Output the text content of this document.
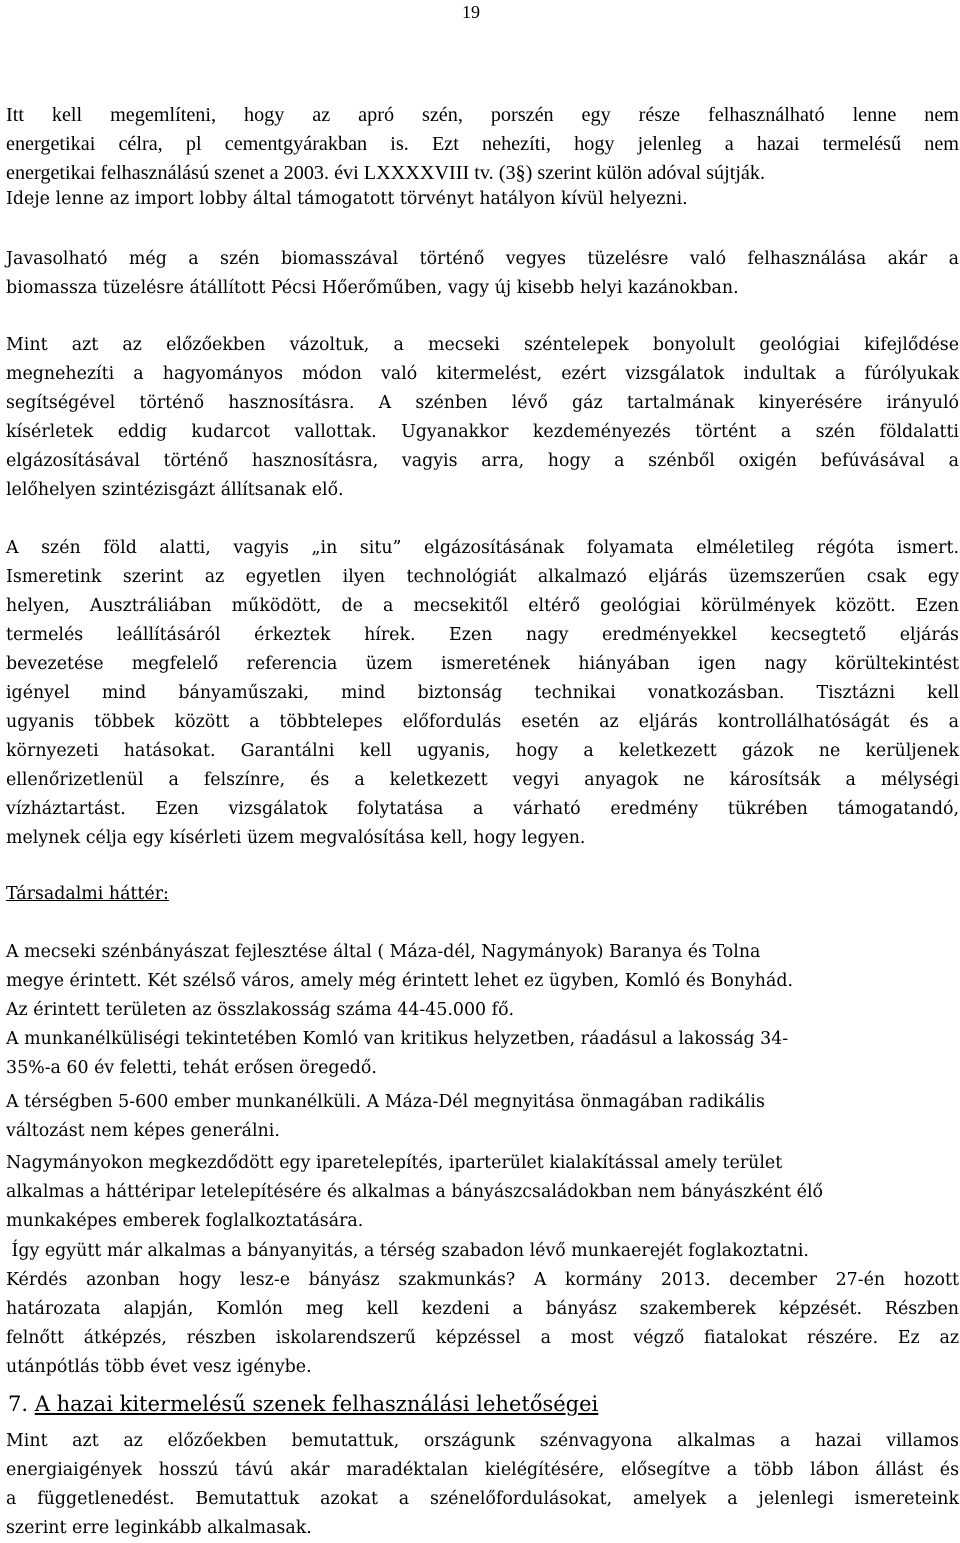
19
Itt kell megemlíteni, hogy az apró szén, porszén egy része felhasználható lenne nem
energetikai célra, pl cementgyárakban is. Ezt nehezíti, hogy jelenleg a hazai termelésű nem
energetikai felhasználású szenet a 2003. évi LXXXXVIII tv. (3§) szerint külön adóval sújtják.
Ideje lenne az import lobby által támogatott törvényt hatályon kívül helyezni.
Javasolható még a szén biomasszával történő vegyes tüzelésre való felhasználása akár a
biomassza tüzelésre átállított Pécsi Hőerőműben, vagy új kisebb helyi kazánokban.
Mint azt az előzőekben vázoltuk, a mecseki széntelepek bonyolult geológiai kifejlődése
megnehezíti a hagyományos módon való kitermelést, ezért vizsgálatok indultak a fúrólyukak
segítségével történő hasznosításra. A szénben lévő gáz tartalmának kinyerésére irányuló
kísérletek eddig kudarcot vallottak. Ugyanakkor kezdeményezés történt a szén földalatti
elgázosításával történő hasznosításra, vagyis arra, hogy a szénből oxigén befúvásával a
lelőhelyen szintézisgázt állítsanak elő.
A szén föld alatti, vagyis „in situ” elgázosításának folyamata elméletileg régóta ismert.
Ismeretink szerint az egyetlen ilyen technológiát alkalmazó eljárás üzemszerűen csak egy
helyen, Ausztráliában működött, de a mecsekitől eltérő geológiai körülmények között. Ezen
termelés leállításáról érkeztek hírek. Ezen nagy eredményekkel kecsegtető eljárás
bevezetése megfelelő referencia üzem ismeretének hiányában igen nagy körültekintést
igényel mind bányaműszaki, mind biztonság technikai vonatkozásban. Tisztázni kell
ugyanis többek között a többtelepes előfordulás esetén az eljárás kontrollálhatóságát és a
környezeti hatásokat. Garantálni kell ugyanis, hogy a keletkezett gázok ne kerüljenek
ellenőrizetlenül a felszínre, és a keletkezett vegyi anyagok ne károsítsák a mélységi
vízháztartást. Ezen vizsgálatok folytatása a várható eredmény tükrében támogatandó,
melynek célja egy kísérleti üzem megvalósítása kell, hogy legyen.
Társadalmi háttér:
A mecseki szénbányászat fejlesztése által ( Máza-dél, Nagymányok) Baranya és Tolna
megye érintett. Két szélső város, amely még érintett lehet ez ügyben, Komló és Bonyhád.
Az érintett területen az összlakosság száma 44-45.000 fő.
A munkanélküliségi tekintetében Komló van kritikus helyzetben, ráadásul a lakosság 34-
35%-a 60 év feletti, tehát erősen öregedő.
A térségben 5-600 ember munkanélküli. A Máza-Dél megnyitása önmagában radikális
változást nem képes generálni.
Nagymányokon megkezdődött egy iparetelepítés, iparterület kialakítással amely terület
alkalmas a háttéripar letelepítésére és alkalmas a bányászcsaládokban nem bányászként élő
munkaképes emberek foglalkoztatására.
Így együtt már alkalmas a bányanyitás, a térség szabadon lévő munkaerejét foglakoztatni.
Kérdés azonban hogy lesz-e bányász szakmunkás? A kormány 2013. december 27-én hozott
határozata alapján, Komlón meg kell kezdeni a bányász szakemberek képzését. Részben
felnőtt átképzés, részben iskolarendszerű képzéssel a most végző fiatalokat részére. Ez az
utánpótlás több évet vesz igénybe.
7. A hazai kitermelésű szenek felhasználási lehetőségei
Mint azt az előzőekben bemutattuk, országunk szénvagyona alkalmas a hazai villamos
energiaigények hosszú távú akár maradéktalan kielégítésére, elősegítve a több lábon állást és
a függetlenedést. Bemutattuk azokat a szénelőfordulásokat, amelyek a jelenlegi ismereteink
szerint erre leginkább alkalmasak.
